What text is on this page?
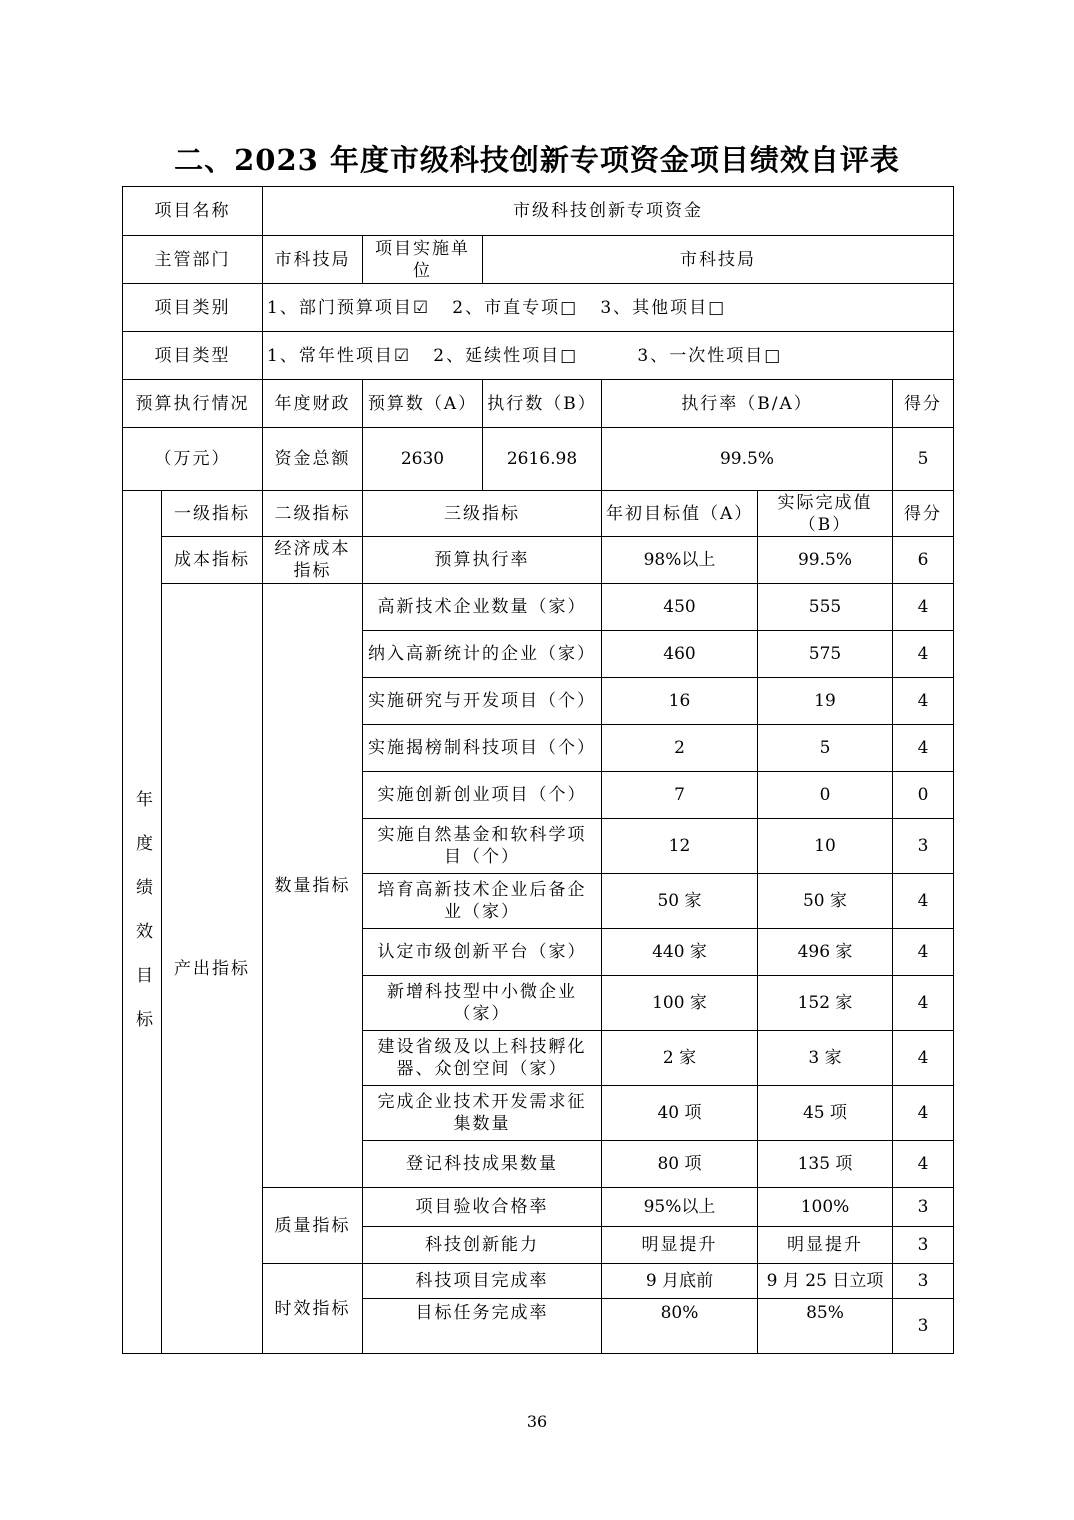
二、2023 年度市级科技创新专项资金项目绩效自评表
项目名称		市级科技创新专项资金					
主管部门		市科技局	项目实施单位	市科技局			
项目类别		1、部门预算项目☑   2、市直专项□   3、其他项目□					
项目类型		1、常年性项目☑   2、延续性项目□        3、一次性项目□					
预算执行情况		年度财政	预算数（A）	执行数（B）	执行率（B/A）		得分
（万元）		资金总额	2630	2616.98	99.5%		5

年度绩效目标	一级指标	二级指标	三级指标		年初目标值（A）	实际完成值（B）	得分
	成本指标	经济成本指标	预算执行率		98%以上	99.5%	6
	产出指标	数量指标	高新技术企业数量（家）		450	555	4
			纳入高新统计的企业（家）		460	575	4
			实施研究与开发项目（个）		16	19	4
			实施揭榜制科技项目（个）		2	5	4
			实施创新创业项目（个）		7	0	0
			实施自然基金和软科学项目（个）		12	10	3
			培育高新技术企业后备企业（家）		50 家	50 家	4
			认定市级创新平台（家）		440 家	496 家	4
			新增科技型中小微企业（家）		100 家	152 家	4
			建设省级及以上科技孵化器、众创空间（家）		2 家	3 家	4
			完成企业技术开发需求征集数量		40 项	45 项	4
			登记科技成果数量		80 项	135 项	4
		质量指标	项目验收合格率		95%以上	100%	3
			科技创新能力		明显提升	明显提升	3
		时效指标	科技项目完成率		9 月底前	9 月 25 日立项	3
			目标任务完成率		80%	85%	3
36
